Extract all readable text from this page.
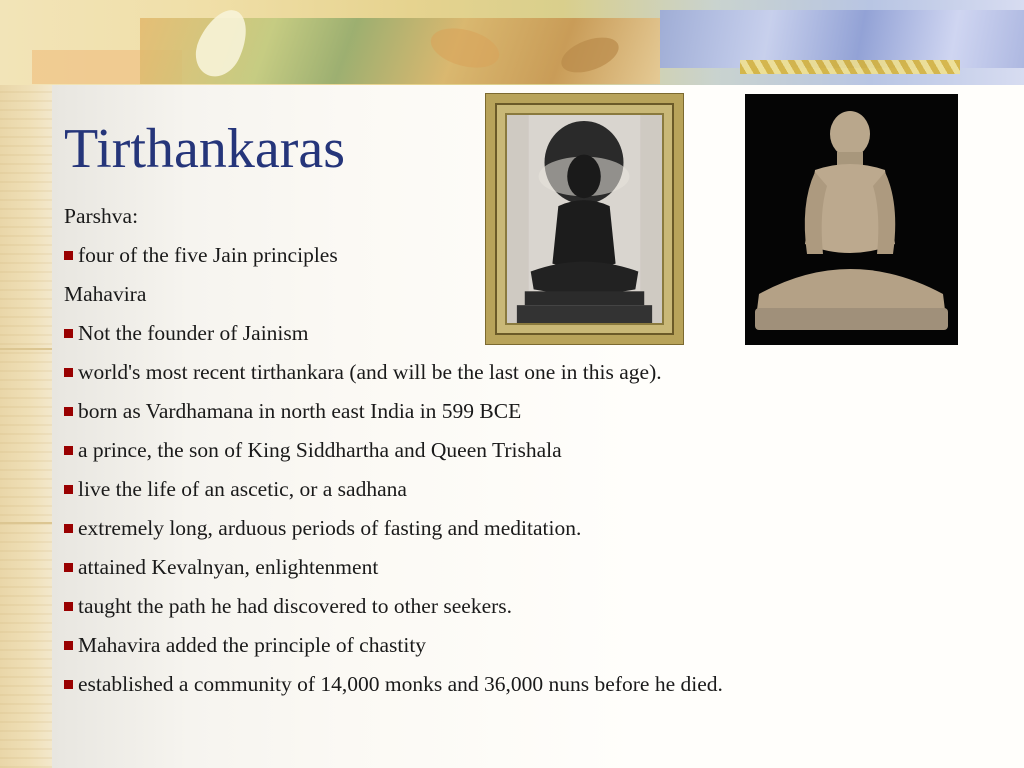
Tirthankaras
Parshva:
four of the five Jain principles
Mahavira
Not the founder of Jainism
world's most recent tirthankara (and will be the last one in this age).
born as Vardhamana in north east India in 599 BCE
a prince, the son of King Siddhartha and Queen Trishala
live the life of an ascetic, or a sadhana
extremely long, arduous periods of fasting and meditation.
attained Kevalnyan, enlightenment
taught the path he had discovered to other seekers.
Mahavira added the principle of chastity
established a community of 14,000 monks and 36,000 nuns before he died.
